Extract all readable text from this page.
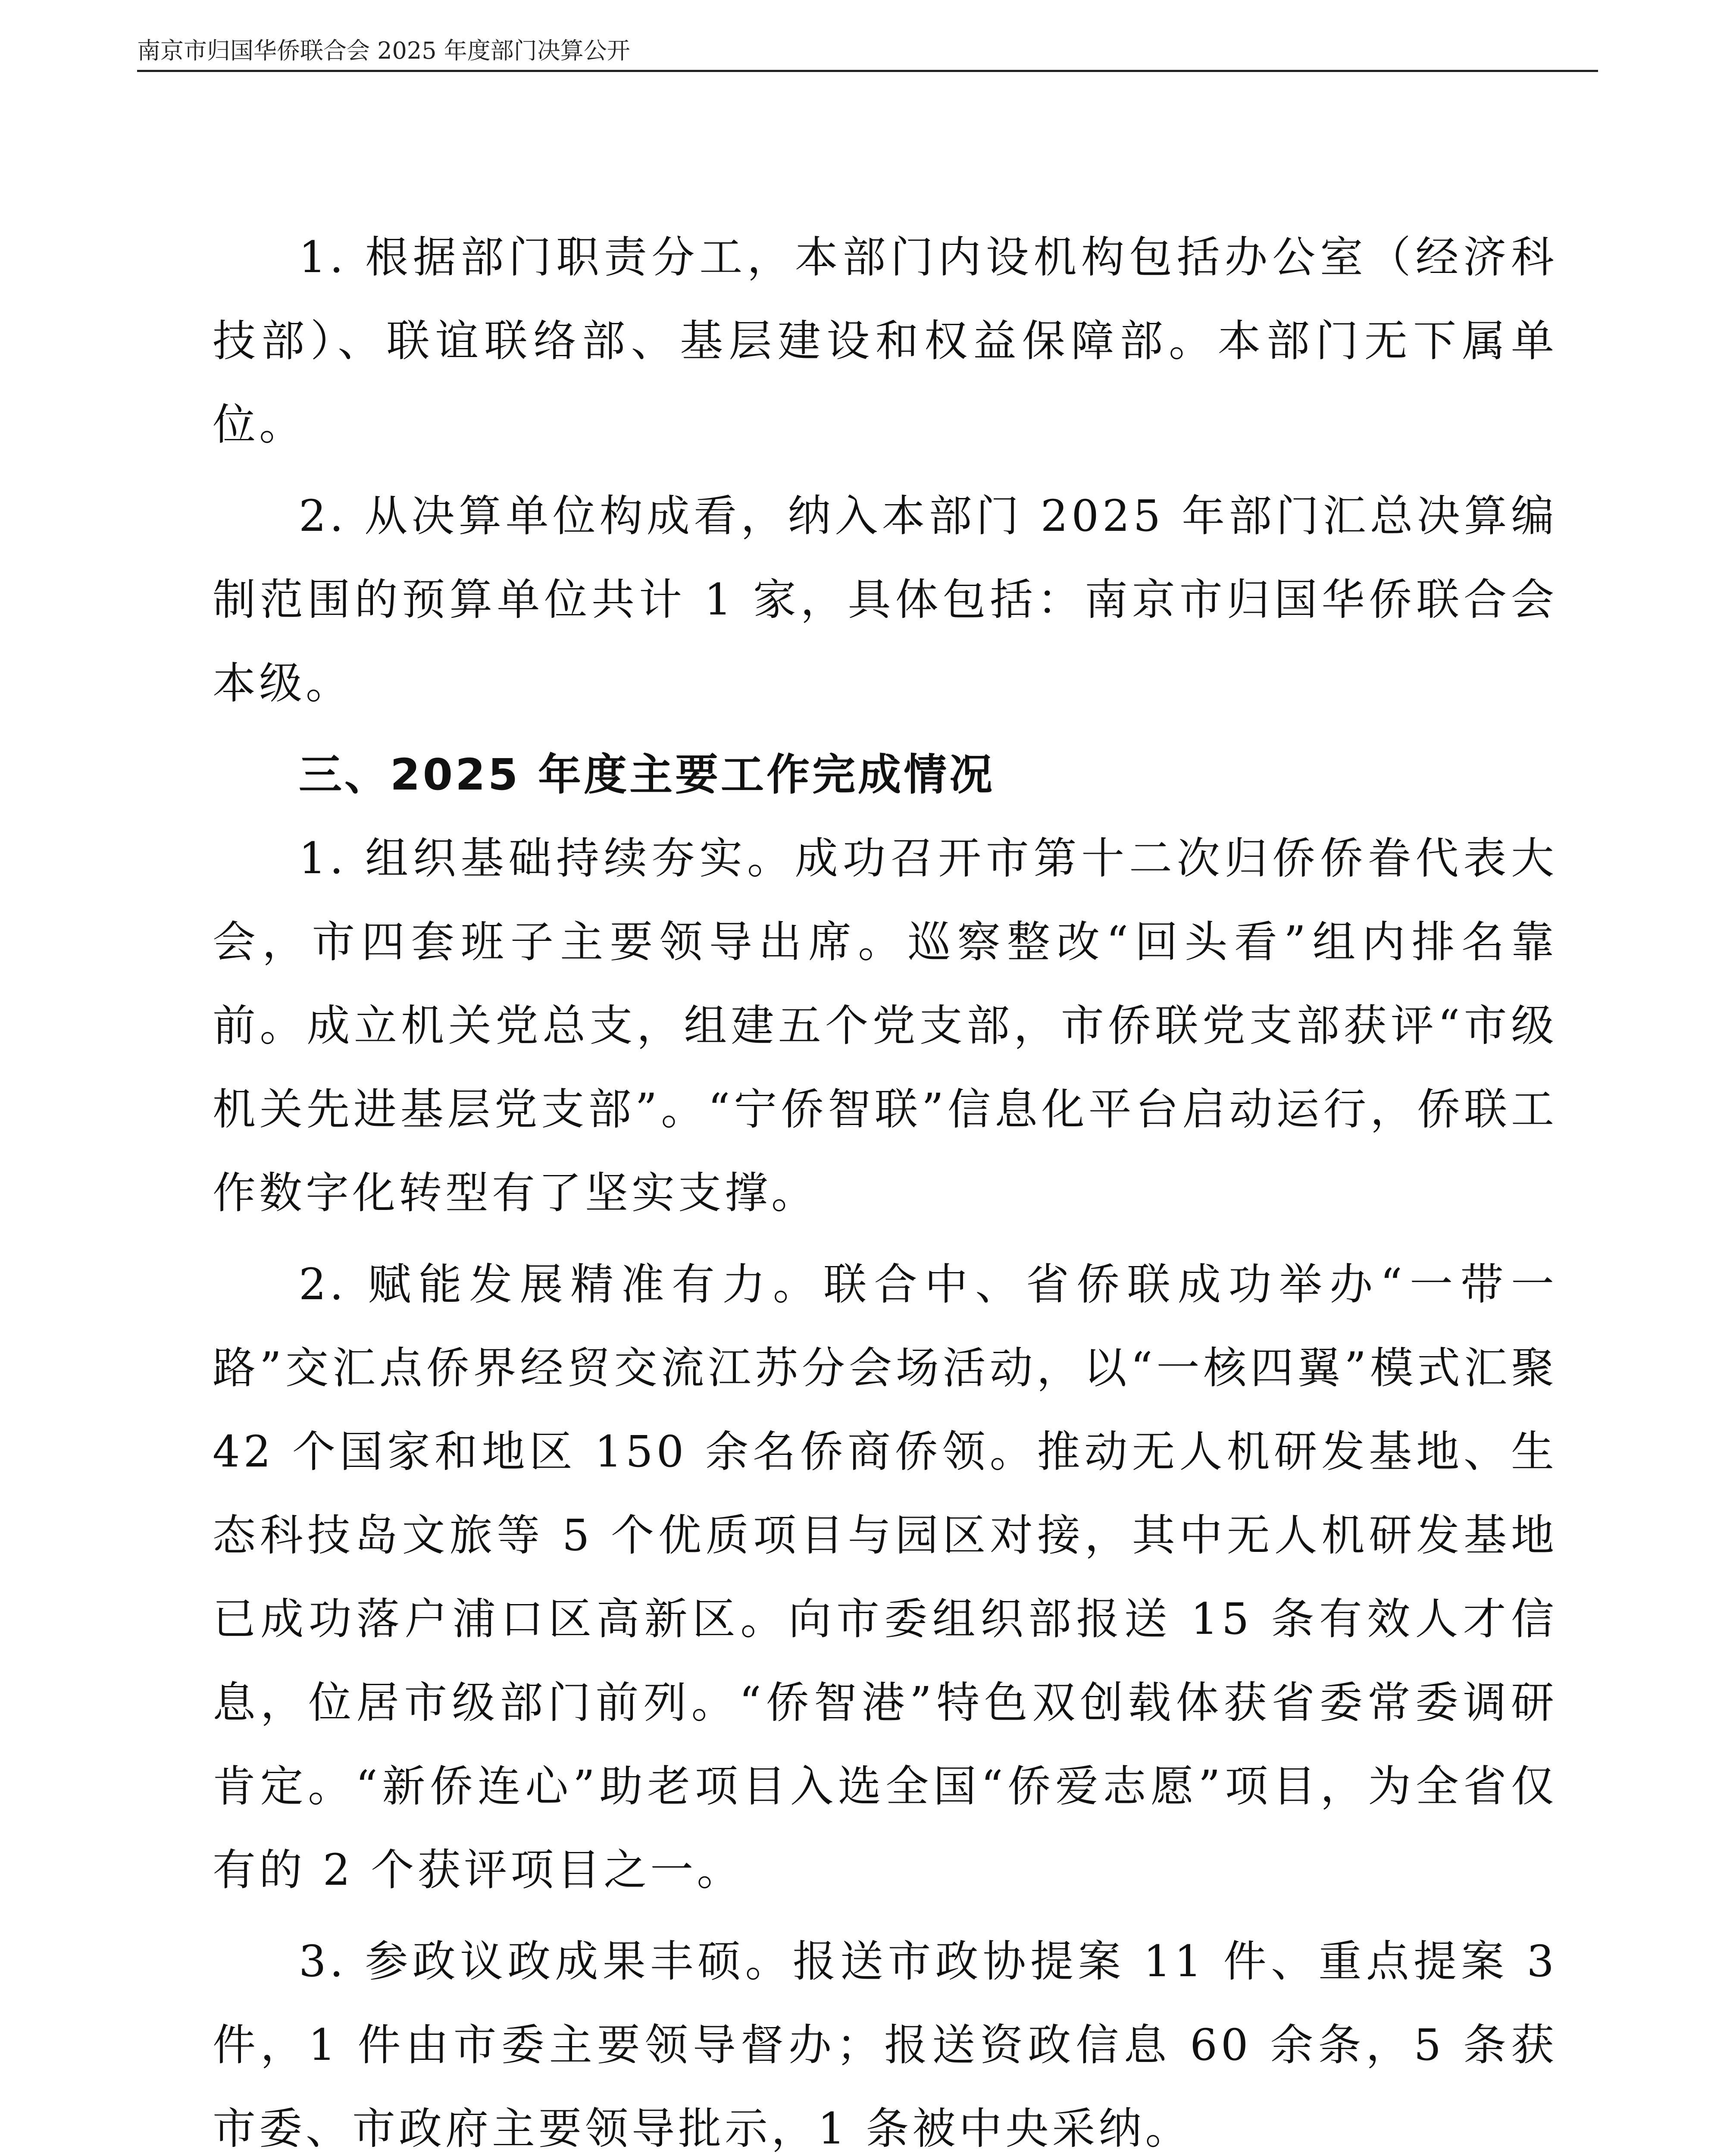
南京市归国华侨联合会 2025 年度部门决算公开

1. 根据部门职责分工，本部门内设机构包括办公室（经济科技部）、联谊联络部、基层建设和权益保障部。本部门无下属单位。

2. 从决算单位构成看，纳入本部门 2025 年部门汇总决算编制范围的预算单位共计 1 家，具体包括：南京市归国华侨联合会本级。

三、2025 年度主要工作完成情况

1. 组织基础持续夯实。成功召开市第十二次归侨侨眷代表大会，市四套班子主要领导出席。巡察整改“回头看”组内排名靠前。成立机关党总支，组建五个党支部，市侨联党支部获评“市级机关先进基层党支部”。“宁侨智联”信息化平台启动运行，侨联工作数字化转型有了坚实支撑。

2. 赋能发展精准有力。联合中、省侨联成功举办“一带一路”交汇点侨界经贸交流江苏分会场活动，以“一核四翼”模式汇聚 42 个国家和地区 150 余名侨商侨领。推动无人机研发基地、生态科技岛文旅等 5 个优质项目与园区对接，其中无人机研发基地已成功落户浦口区高新区。向市委组织部报送 15 条有效人才信息，位居市级部门前列。“侨智港”特色双创载体获省委常委调研肯定。“新侨连心”助老项目入选全国“侨爱志愿”项目，为全省仅有的 2 个获评项目之一。

3. 参政议政成果丰硕。报送市政协提案 11 件、重点提案 3 件，1 件由市委主要领导督办；报送资政信息 60 余条，5 条获市委、市政府主要领导批示，1 条被中央采纳。
